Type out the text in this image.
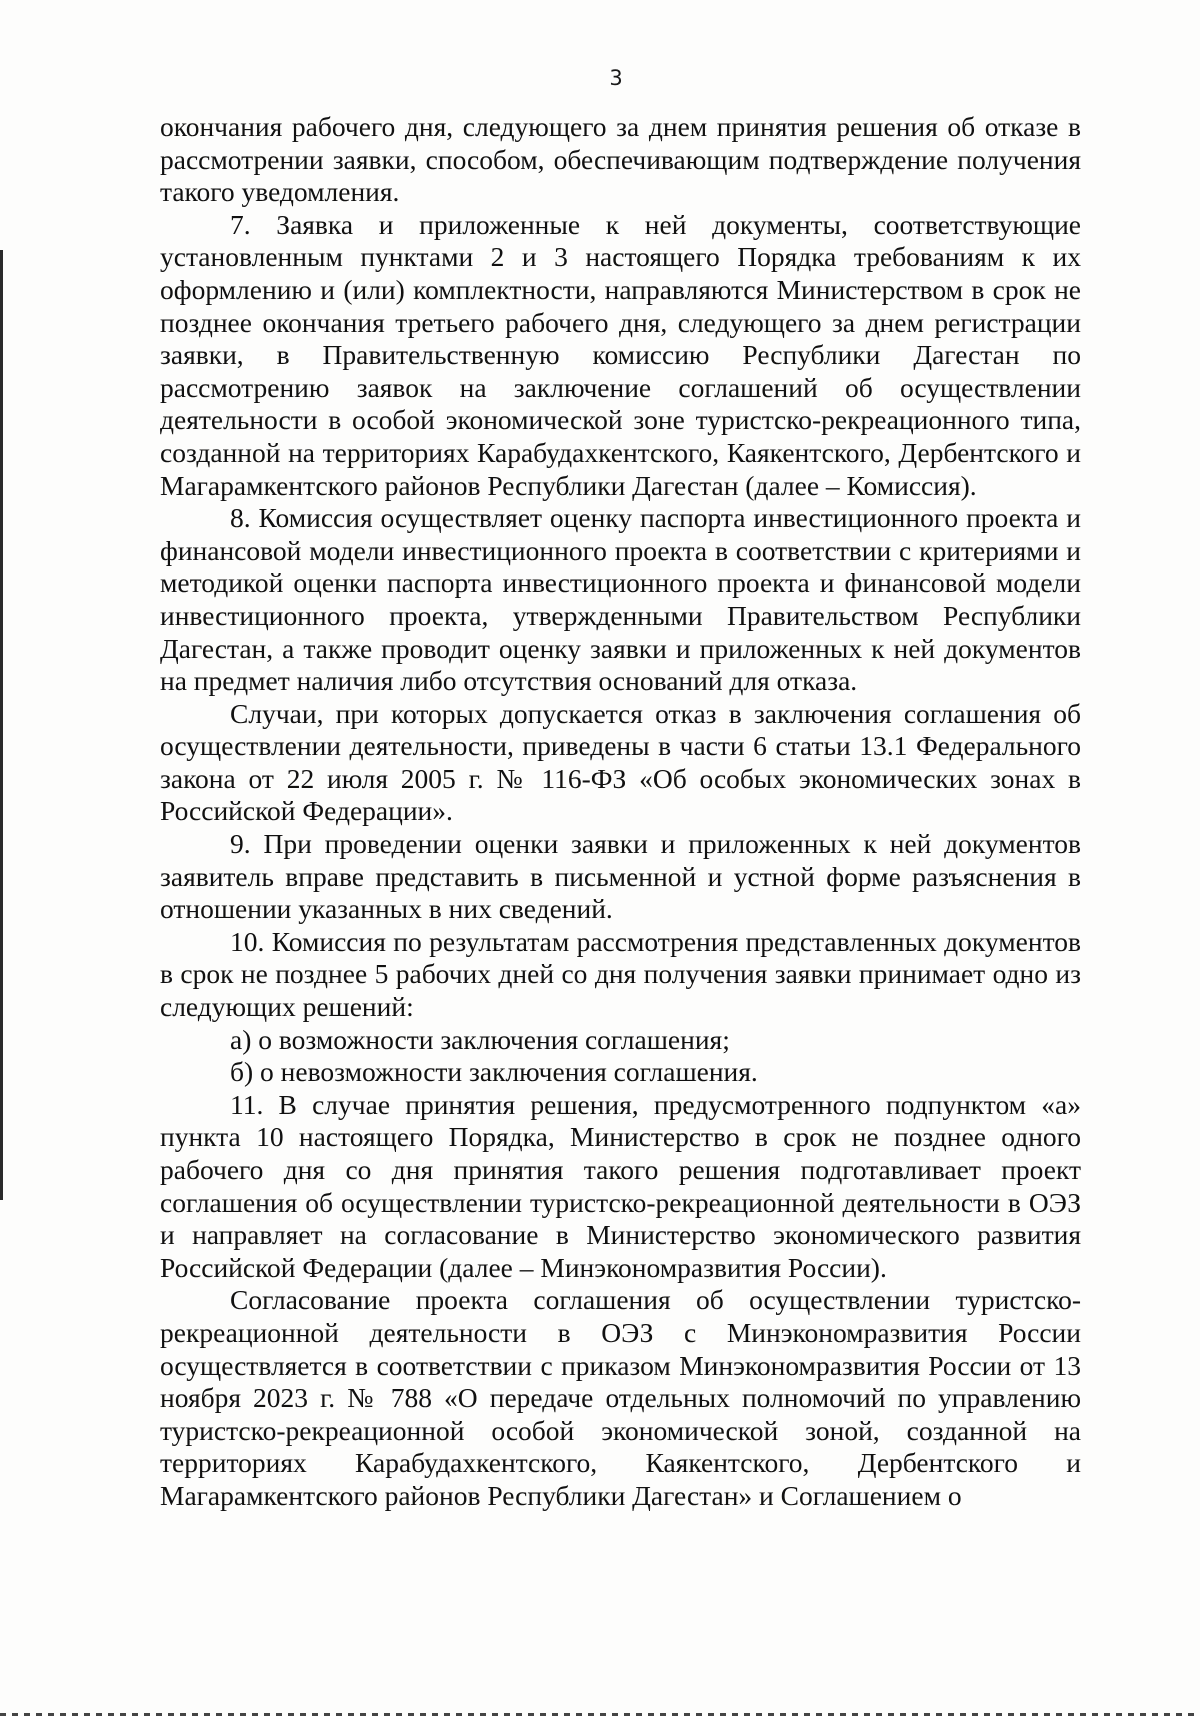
3

окончания рабочего дня, следующего за днем принятия решения об отказе в рассмотрении заявки, способом, обеспечивающим подтверждение получения такого уведомления.

7. Заявка и приложенные к ней документы, соответствующие установленным пунктами 2 и 3 настоящего Порядка требованиям к их оформлению и (или) комплектности, направляются Министерством в срок не позднее окончания третьего рабочего дня, следующего за днем регистрации заявки, в Правительственную комиссию Республики Дагестан по рассмотрению заявок на заключение соглашений об осуществлении деятельности в особой экономической зоне туристско-рекреационного типа, созданной на территориях Карабудахкентского, Каякентского, Дербентского и Магарамкентского районов Республики Дагестан (далее – Комиссия).

8. Комиссия осуществляет оценку паспорта инвестиционного проекта и финансовой модели инвестиционного проекта в соответствии с критериями и методикой оценки паспорта инвестиционного проекта и финансовой модели инвестиционного проекта, утвержденными Правительством Республики Дагестан, а также проводит оценку заявки и приложенных к ней документов на предмет наличия либо отсутствия оснований для отказа.

Случаи, при которых допускается отказ в заключения соглашения об осуществлении деятельности, приведены в части 6 статьи 13.1 Федерального закона от 22 июля 2005 г. № 116-ФЗ «Об особых экономических зонах в Российской Федерации».

9. При проведении оценки заявки и приложенных к ней документов заявитель вправе представить в письменной и устной форме разъяснения в отношении указанных в них сведений.

10. Комиссия по результатам рассмотрения представленных документов в срок не позднее 5 рабочих дней со дня получения заявки принимает одно из следующих решений:

а) о возможности заключения соглашения;

б) о невозможности заключения соглашения.

11. В случае принятия решения, предусмотренного подпунктом «а» пункта 10 настоящего Порядка, Министерство в срок не позднее одного рабочего дня со дня принятия такого решения подготавливает проект соглашения об осуществлении туристско-рекреационной деятельности в ОЭЗ и направляет на согласование в Министерство экономического развития Российской Федерации (далее – Минэкономразвития России).

Согласование проекта соглашения об осуществлении туристско-рекреационной деятельности в ОЭЗ с Минэкономразвития России осуществляется в соответствии с приказом Минэкономразвития России от 13 ноября 2023 г. № 788 «О передаче отдельных полномочий по управлению туристско-рекреационной особой экономической зоной, созданной на территориях Карабудахкентского, Каякентского, Дербентского и Магарамкентского районов Республики Дагестан» и Соглашением о
